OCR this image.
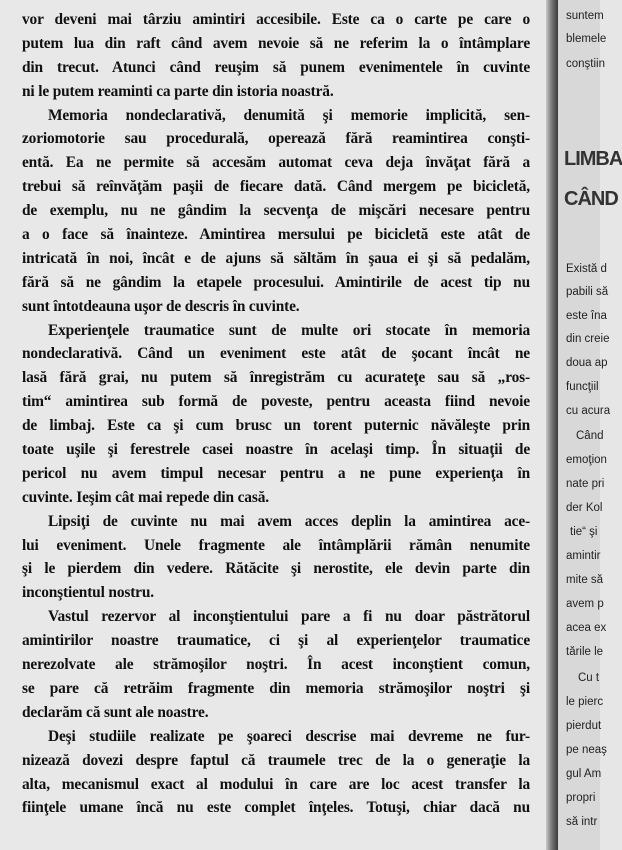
vor deveni mai târziu amintiri accesibile. Este ca o carte pe care o
putem lua din raft când avem nevoie să ne referim la o întâmplare
din trecut. Atunci când reuşim să punem evenimentele în cuvinte
ni le putem reaminti ca parte din istoria noastră.
Memoria nondeclarativă, denumită şi memorie implicită, sen-
zoriomotorie sau procedurală, operează fără reamintirea conşti-
entă. Ea ne permite să accesăm automat ceva deja învăţat fără a
trebui să reînvăţăm paşii de fiecare dată. Când mergem pe bicicletă,
de exemplu, nu ne gândim la secvenţa de mişcări necesare pentru
a o face să înainteze. Amintirea mersului pe bicicletă este atât de
intricată în noi, încât e de ajuns să săltăm în şaua ei şi să pedalăm,
fără să ne gândim la etapele procesului. Amintirile de acest tip nu
sunt întotdeauna uşor de descris în cuvinte.
Experienţele traumatice sunt de multe ori stocate în memoria
nondeclarativă. Când un eveniment este atât de şocant încât ne
lasă fără grai, nu putem să înregistrăm cu acurateţe sau să „ros-
tim“ amintirea sub formă de poveste, pentru aceasta fiind nevoie
de limbaj. Este ca şi cum brusc un torent puternic năvăleşte prin
toate uşile şi ferestrele casei noastre în acelaşi timp. În situaţii de
pericol nu avem timpul necesar pentru a ne pune experienţa în
cuvinte. Ieşim cât mai repede din casă.
Lipsiţi de cuvinte nu mai avem acces deplin la amintirea ace-
lui eveniment. Unele fragmente ale întâmplării rămân nenumite
şi le pierdem din vedere. Rătăcite şi nerostite, ele devin parte din
inconştientul nostru.
Vastul rezervor al inconştientului pare a fi nu doar păstrătorul
amintirilor noastre traumatice, ci şi al experienţelor traumatice
nerezolvate ale strămoşilor noştri. În acest inconştient comun,
se pare că retrăim fragmente din memoria strămoşilor noştri şi
declarăm că sunt ale noastre.
Deşi studiile realizate pe şoareci descrise mai devreme ne fur-
nizează dovezi despre faptul că traumele trec de la o generaţie la
alta, mecanismul exact al modului în care are loc acest transfer la
fiinţele umane încă nu este complet înţeles. Totuşi, chiar dacă nu
suntem
blemele
conştiin
LIMBA
CÂND
Există d
pabili să
este îna
din creie
doua ap
funcţiil
cu acura
Când
emoţion
nate pri
der Kol
tie“ şi
amintir
mite să
avem p
acea ex
tările le
Cu t
le pierc
pierdut
pe neaş
gul Am
propri
să intr
